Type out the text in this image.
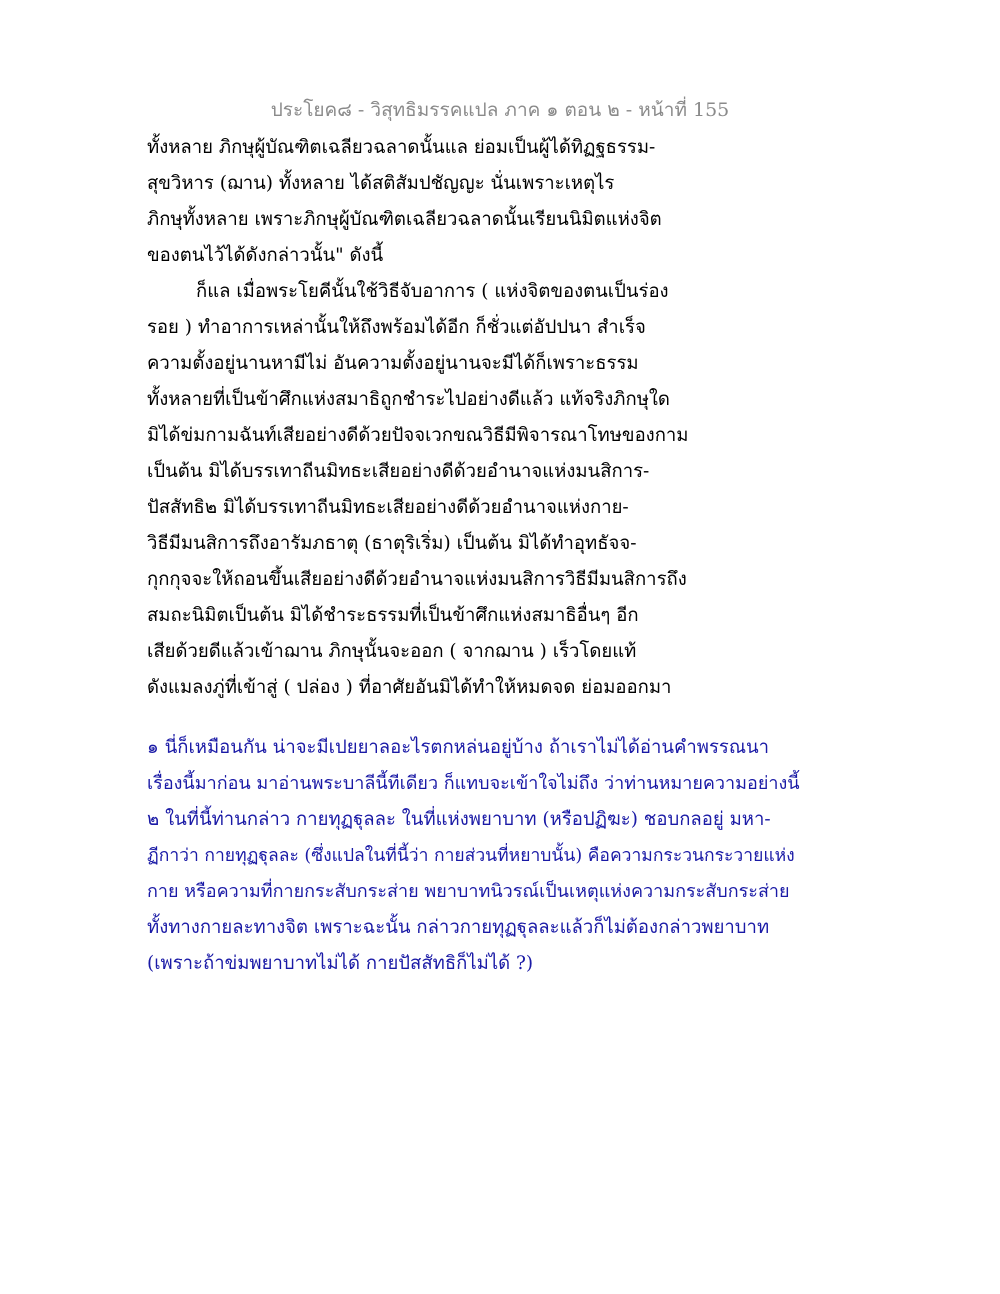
ประโยค๘ - วิสุทธิมรรคแปล ภาค ๑ ตอน ๒ - หน้าที่ 155
ทั้งหลาย ภิกษุผู้บัณฑิตเฉลียวฉลาดนั้นแล ย่อมเป็นผู้ได้ทิฏฐธรรม-
สุขวิหาร (ฌาน) ทั้งหลาย ได้สติสัมปชัญญะ นั่นเพราะเหตุไร
ภิกษุทั้งหลาย เพราะภิกษุผู้บัณฑิตเฉลียวฉลาดนั้นเรียนนิมิตแห่งจิต
ของตนไว้ได้ดังกล่าวนั้น" ดังนี้
ก็แล เมื่อพระโยคีนั้นใช้วิธีจับอาการ ( แห่งจิตของตนเป็นร่อง
รอย ) ทำอาการเหล่านั้นให้ถึงพร้อมได้อีก ก็ชั่วแต่อัปปนา สำเร็จ
ความตั้งอยู่นานหามีไม่ อันความตั้งอยู่นานจะมีได้ก็เพราะธรรม
ทั้งหลายที่เป็นข้าศึกแห่งสมาธิถูกชำระไปอย่างดีแล้ว แท้จริงภิกษุใด
มิได้ข่มกามฉันท์เสียอย่างดีด้วยปัจจเวกขณวิธีมีพิจารณาโทษของกาม
เป็นต้น มิได้บรรเทาถีนมิทธะเสียอย่างดีด้วยอำนาจแห่งมนสิการ-
ปัสสัทธิ๒ มิได้บรรเทาถีนมิทธะเสียอย่างดีด้วยอำนาจแห่งกาย-
วิธีมีมนสิการถึงอารัมภธาตุ (ธาตุริเริ่ม) เป็นต้น มิได้ทำอุทธัจจ-
กุกกุจจะให้ถอนขึ้นเสียอย่างดีด้วยอำนาจแห่งมนสิการวิธีมีมนสิการถึง
สมถะนิมิตเป็นต้น มิได้ชำระธรรมที่เป็นข้าศึกแห่งสมาธิอื่นๆ อีก
เสียด้วยดีแล้วเข้าฌาน ภิกษุนั้นจะออก ( จากฌาน ) เร็วโดยแท้
ดังแมลงภู่ที่เข้าสู่ ( ปล่อง ) ที่อาศัยอันมิได้ทำให้หมดจด ย่อมออกมา
๑ นี่ก็เหมือนกัน น่าจะมีเปยยาลอะไรตกหล่นอยู่บ้าง ถ้าเราไม่ได้อ่านคำพรรณนา
เรื่องนี้มาก่อน มาอ่านพระบาลีนี้ทีเดียว ก็แทบจะเข้าใจไม่ถึง ว่าท่านหมายความอย่างนี้
๒ ในที่นี้ท่านกล่าว กายทุฏฐุลละ ในที่แห่งพยาบาท (หรือปฏิฆะ) ชอบกลอยู่ มหา-
ฏีกาว่า กายทุฏฐุลละ (ซึ่งแปลในที่นี้ว่า กายส่วนที่หยาบนั้น) คือความกระวนกระวายแห่ง
กาย หรือความที่กายกระสับกระส่าย พยาบาทนิวรณ์เป็นเหตุแห่งความกระสับกระส่าย
ทั้งทางกายละทางจิต เพราะฉะนั้น กล่าวกายทุฏฐุลละแล้วก็ไม่ต้องกล่าวพยาบาท
(เพราะถ้าข่มพยาบาทไม่ได้ กายปัสสัทธิก็ไม่ได้ ?)
